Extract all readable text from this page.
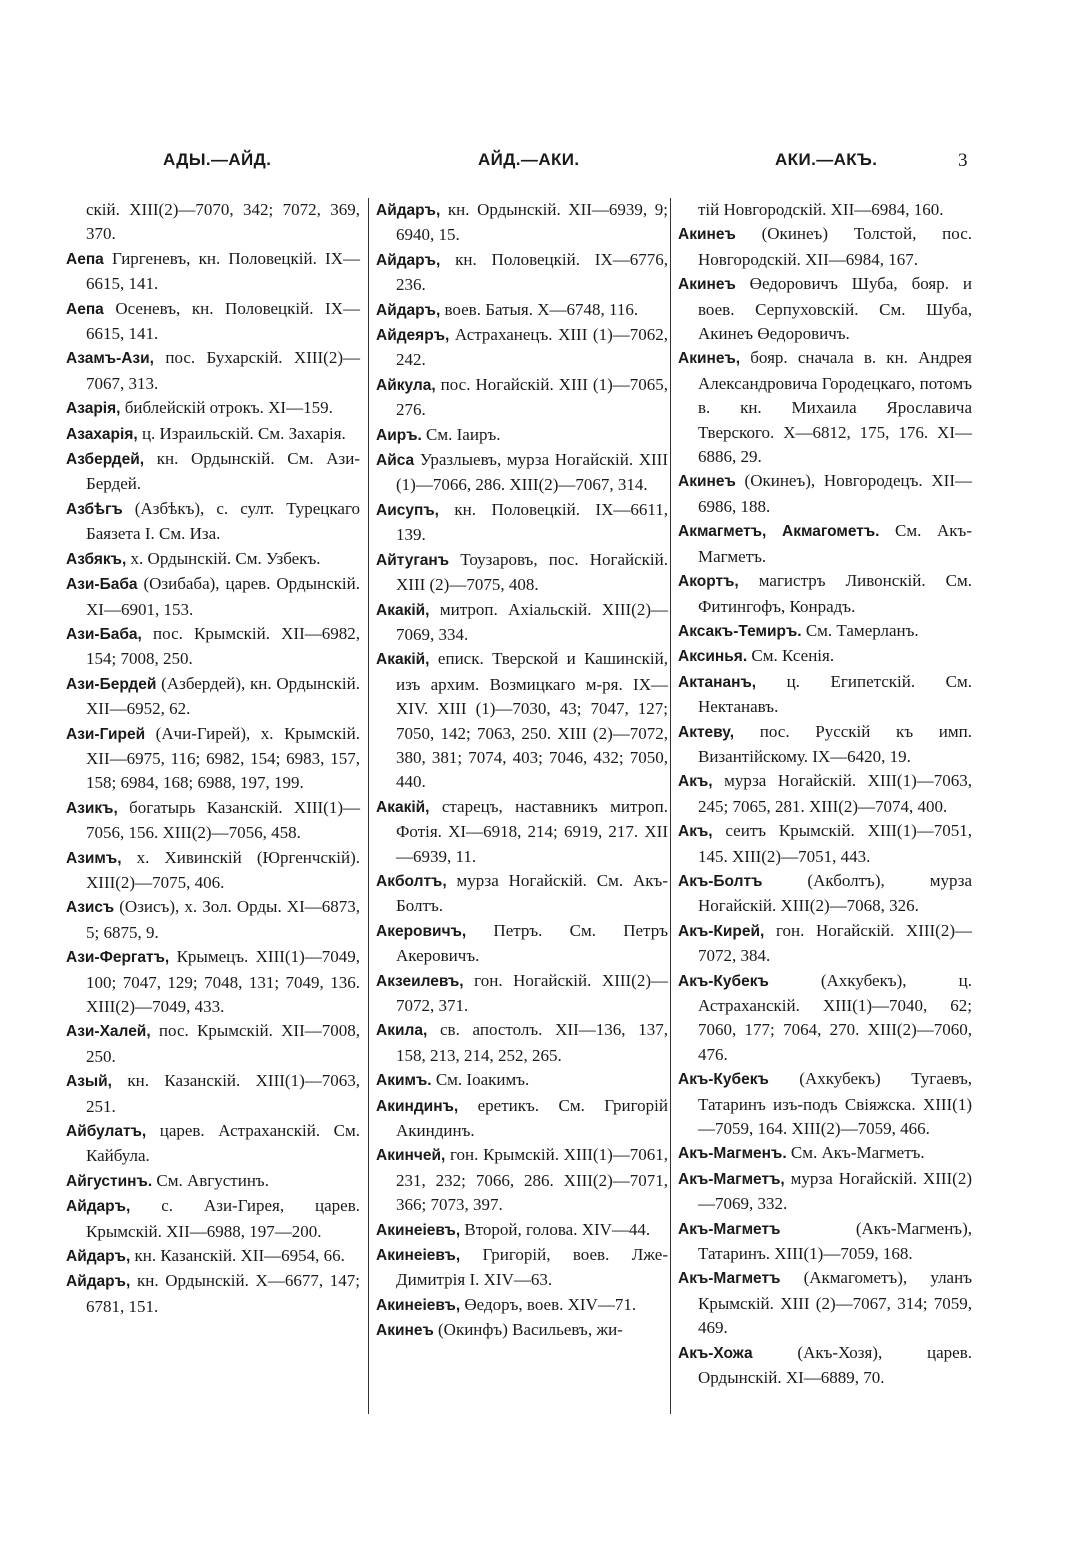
АДЫ.—АЙД.	АЙД.—АКИ.	АКИ.—АКЪ.	3

скій. XIII(2)—7070, 342; 7072, 369, 370.

Аепа Гиргеневъ, кн. Половецкій. IX—6615, 141.

Аепа Осеневъ, кн. Половецкій. IX—6615, 141.

Азамъ-Ази, пос. Бухарскій. XIII(2)—7067, 313.

Азарія, библейскій отрокъ. XI—159.

Азахарія, ц. Израильскій. См. Захарія.

Азбердей, кн. Ордынскій. См. Ази-Бердей.

Азбѣгъ (Азбѣкъ), с. султ. Турецкаго Баязета I. См. Иза.

Азбякъ, х. Ордынскій. См. Узбекъ.

Ази-Баба (Озибаба), царев. Ордынскій. XI—6901, 153.

Ази-Баба, пос. Крымскій. XII—6982, 154; 7008, 250.

Ази-Бердей (Азбердей), кн. Ордынскій. XII—6952, 62.

Ази-Гирей (Ачи-Гирей), х. Крымскій. XII—6975, 116; 6982, 154; 6983, 157, 158; 6984, 168; 6988, 197, 199.

Азикъ, богатырь Казанскій. XIII(1)—7056, 156. XIII(2)—7056, 458.

Азимъ, х. Хивинскій (Юргенчскій). XIII(2)—7075, 406.

Азисъ (Озисъ), х. Зол. Орды. XI—6873, 5; 6875, 9.

Ази-Фергатъ, Крымецъ. XIII(1)—7049, 100; 7047, 129; 7048, 131; 7049, 136. XIII(2)—7049, 433.

Ази-Халей, пос. Крымскій. XII—7008, 250.

Азый, кн. Казанскій. XIII(1)—7063, 251.

Айбулатъ, царев. Астраханскій. См. Кайбула.

Айгустинъ. См. Августинъ.

Айдаръ, с. Ази-Гирея, царев. Крымскій. XII—6988, 197—200.

Айдаръ, кн. Казанскій. XII—6954, 66.

Айдаръ, кн. Ордынскій. X—6677, 147; 6781, 151.

Айдаръ, кн. Ордынскій. XII—6939, 9; 6940, 15.

Айдаръ, кн. Половецкій. IX—6776, 236.

Айдаръ, воев. Батыя. X—6748, 116.

Айдеяръ, Астраханецъ. XIII (1)—7062, 242.

Айкула, пос. Ногайскій. XIII (1)—7065, 276.

Аиръ. См. Іаиръ.

Айса Уразлыевъ, мурза Ногайскій. XIII (1)—7066, 286. XIII(2)—7067, 314.

Аисупъ, кн. Половецкій. IX—6611, 139.

Айтуганъ Тоузаровъ, пос. Ногайскій. XIII (2)—7075, 408.

Акакій, митроп. Ахіальскій. XIII(2)—7069, 334.

Акакій, еписк. Тверской и Кашинскій, изъ архим. Возмицкаго м-ря. IX—XIV. XIII (1)—7030, 43; 7047, 127; 7050, 142; 7063, 250. XIII (2)—7072, 380, 381; 7074, 403; 7046, 432; 7050, 440.

Акакій, старецъ, наставникъ митроп. Фотія. XI—6918, 214; 6919, 217. XII—6939, 11.

Акболтъ, мурза Ногайскій. См. Акъ-Болтъ.

Акеровичъ, Петръ. См. Петръ Акеровичъ.

Акзеилевъ, гон. Ногайскій. XIII(2)—7072, 371.

Акила, св. апостолъ. XII—136, 137, 158, 213, 214, 252, 265.

Акимъ. См. Іоакимъ.

Акиндинъ, еретикъ. См. Григорій Акиндинъ.

Акинчей, гон. Крымскій. XIII(1)—7061, 231, 232; 7066, 286. XIII(2)—7071, 366; 7073, 397.

Акинеіевъ, Второй, голова. XIV—44.

Акинеіевъ, Григорій, воев. Лже-Димитрія I. XIV—63.

Акинеіевъ, Өедоръ, воев. XIV—71.

Акинеъ (Окинфъ) Васильевъ, жи-

тій Новгородскій. XII—6984, 160.

Акинеъ (Окинеъ) Толстой, пос. Новгородскій. XII—6984, 167.

Акинеъ Өедоровичъ Шуба, бояр. и воев. Серпуховскій. См. Шуба, Акинеъ Өедоровичъ.

Акинеъ, бояр. сначала в. кн. Андрея Александровича Городецкаго, потомъ в. кн. Михаила Ярославича Тверского. X—6812, 175, 176. XI—6886, 29.

Акинеъ (Окинеъ), Новгородецъ. XII—6986, 188.

Акмагметъ, Акмагометъ. См. Акъ-Магметъ.

Акортъ, магистръ Ливонскій. См. Фитингофъ, Конрадъ.

Аксакъ-Темиръ. См. Тамерланъ.

Аксинья. См. Ксенія.

Актананъ, ц. Египетскій. См. Нектанавъ.

Актеву, пос. Русскій къ имп. Византійскому. IX—6420, 19.

Акъ, мурза Ногайскій. XIII(1)—7063, 245; 7065, 281. XIII(2)—7074, 400.

Акъ, сеитъ Крымскій. XIII(1)—7051, 145. XIII(2)—7051, 443.

Акъ-Болтъ (Акболтъ), мурза Ногайскій. XIII(2)—7068, 326.

Акъ-Кирей, гон. Ногайскій. XIII(2)—7072, 384.

Акъ-Кубекъ (Ахкубекъ), ц. Астраханскій. XIII(1)—7040, 62; 7060, 177; 7064, 270. XIII(2)—7060, 476.

Акъ-Кубекъ (Ахкубекъ) Тугаевъ, Татаринъ изъ-подъ Свіяжска. XIII(1)—7059, 164. XIII(2)—7059, 466.

Акъ-Магменъ. См. Акъ-Магметъ.

Акъ-Магметъ, мурза Ногайскій. XIII(2)—7069, 332.

Акъ-Магметъ (Акъ-Магменъ), Татаринъ. XIII(1)—7059, 168.

Акъ-Магметъ (Акмагометъ), уланъ Крымскій. XIII (2)—7067, 314; 7059, 469.

Акъ-Хожа (Акъ-Хозя), царев. Ордынскій. XI—6889, 70.
